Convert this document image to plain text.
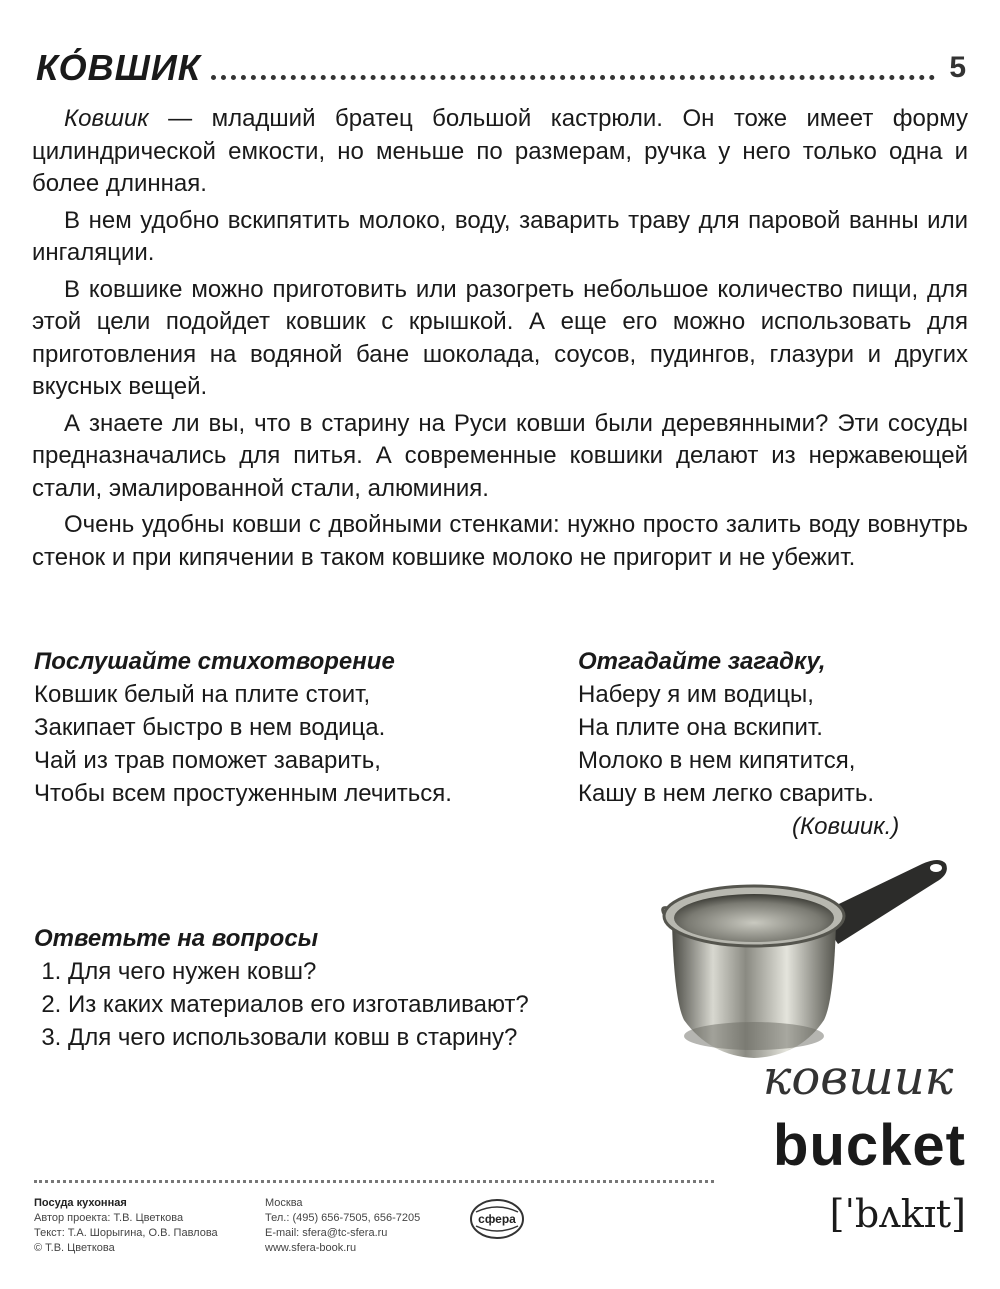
КО́ВШИК	5

Ковшик — младший братец большой кастрюли. Он тоже имеет форму цилиндрической емкости, но меньше по размерам, ручка у него только одна и более длинная.

В нем удобно вскипятить молоко, воду, заварить траву для паровой ванны или ингаляции.

В ковшике можно приготовить или разогреть небольшое количество пищи, для этой цели подойдет ковшик с крышкой. А еще его можно использовать для приготовления на водяной бане шоколада, соусов, пудингов, глазури и других вкусных вещей.

А знаете ли вы, что в старину на Руси ковши были деревянными? Эти сосуды предназначались для питья. А современные ковшики делают из нержавеющей стали, эмалированной стали, алюминия.

Очень удобны ковши с двойными стенками: нужно просто залить воду вовнутрь стенок и при кипячении в таком ковшике молоко не пригорит и не убежит.

Послушайте стихотворение
Ковшик белый на плите стоит,
Закипает быстро в нем водица.
Чай из трав поможет заварить,
Чтобы всем простуженным лечиться.
Отгадайте загадку,
Наберу я им водицы,
На плите она вскипит.
Молоко в нем кипятится,
Кашу в нем легко сварить.
(Ковшик.)
Ответьте на вопросы
1. Для чего нужен ковш?
2. Из каких материалов его изготавливают?
3. Для чего использовали ковш в старину?
ковшик
bucket
[ˈbʌkɪt]
Посуда кухонная
Автор проекта: Т.В. Цветкова
Текст: Т.А. Шорыгина, О.В. Павлова
© Т.В. Цветкова
Москва
Тел.: (495) 656-7505, 656-7205
E-mail: sfera@tc-sfera.ru
www.sfera-book.ru
сфера
